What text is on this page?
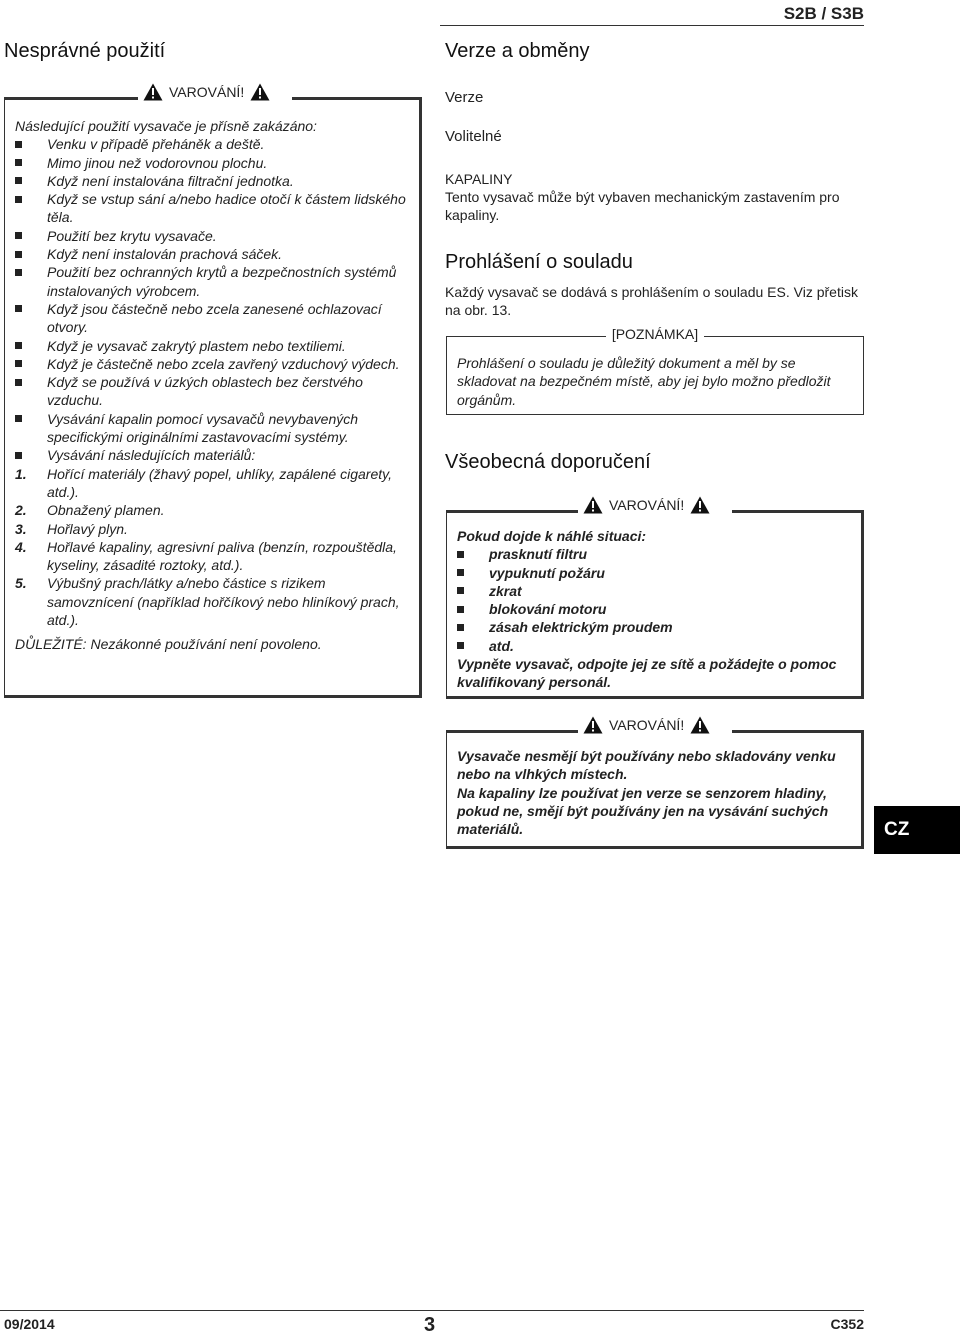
S2B / S3B
Nesprávné použití
VAROVÁNÍ!
Následující použití vysavače je přísně zakázáno:
Venku v případě přeháněk a deště.
Mimo jinou než vodorovnou plochu.
Když není instalována filtrační jednotka.
Když se vstup sání a/nebo hadice otočí k částem lidského těla.
Použití bez krytu vysavače.
Když není instalován prachová sáček.
Použití bez ochranných krytů a bezpečnostních systémů instalovaných výrobcem.
Když jsou částečně nebo zcela zanesené ochlazovací otvory.
Když je vysavač zakrytý plastem nebo textiliemi.
Když je částečně nebo zcela zavřený vzduchový výdech.
Když se používá v úzkých oblastech bez čerstvého vzduchu.
Vysávání kapalin pomocí vysavačů nevybavených specifickými originálními zastavovacími systémy.
Vysávání následujících materiálů:
1. Hořící materiály (žhavý popel, uhlíky, zapálené cigarety, atd.).
2. Obnažený plamen.
3. Hořlavý plyn.
4. Hořlavé kapaliny, agresivní paliva (benzín, rozpouštědla, kyseliny, zásadité roztoky, atd.).
5. Výbušný prach/látky a/nebo částice s rizikem samovznícení (například hořčíkový nebo hliníkový prach, atd.).
DŮLEŽITÉ: Nezákonné používání není povoleno.
Verze a obměny
Verze
Volitelné
KAPALINY
Tento vysavač může být vybaven mechanickým zastavením pro kapaliny.
Prohlášení o souladu
Každý vysavač se dodává s prohlášením o souladu ES. Viz přetisk na obr. 13.
[POZNÁMKA]
Prohlášení o souladu je důležitý dokument a měl by se skladovat na bezpečném místě, aby jej bylo možno předložit orgánům.
Všeobecná doporučení
VAROVÁNÍ!
Pokud dojde k náhlé situaci:
prasknutí filtru
vypuknutí požáru
zkrat
blokování motoru
zásah elektrickým proudem
atd.
Vypněte vysavač, odpojte jej ze sítě a požádejte o pomoc kvalifikovaný personál.
VAROVÁNÍ!
Vysavače nesmějí být používány nebo skladovány venku nebo na vlhkých místech.
Na kapaliny lze používat jen verze se senzorem hladiny, pokud ne, smějí být používány jen na vysávání suchých materiálů.	CZ
09/2014	3	C352
